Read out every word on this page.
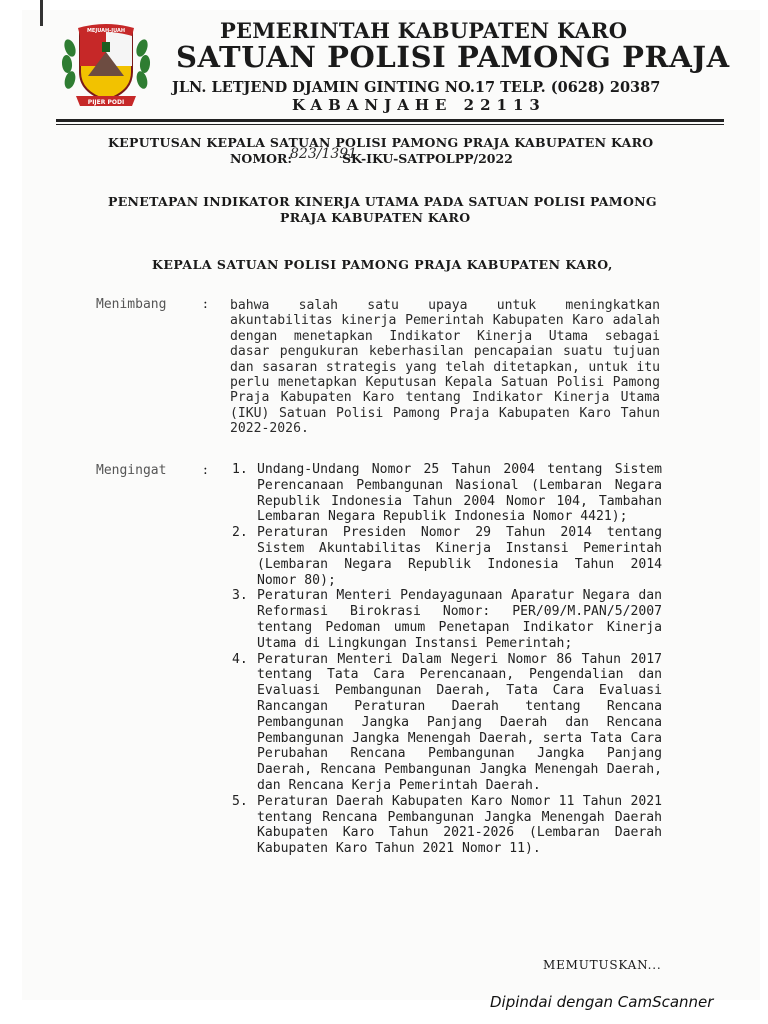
MEJUAH-JUAH
PIJER PODI
PEMERINTAH KABUPATEN KARO
SATUAN POLISI PAMONG PRAJA
JLN. LETJEND DJAMIN GINTING NO.17 TELP. (0628) 20387
KABANJAHE 22113
KEPUTUSAN KEPALA SATUAN POLISI PAMONG PRAJA KABUPATEN KARO
NOMOR:
823/1391
SK-IKU-SATPOLPP/2022
PENETAPAN INDIKATOR KINERJA UTAMA PADA SATUAN POLISI PAMONG
PRAJA KABUPATEN KARO
KEPALA SATUAN POLISI PAMONG PRAJA KABUPATEN KARO,
Menimbang	: bahwa salah satu upaya untuk meningkatkan akuntabilitas kinerja Pemerintah Kabupaten Karo adalah dengan menetapkan Indikator Kinerja Utama sebagai dasar pengukuran keberhasilan pencapaian suatu tujuan dan sasaran strategis yang telah ditetapkan, untuk itu perlu menetapkan Keputusan Kepala Satuan Polisi Pamong Praja Kabupaten Karo tentang Indikator Kinerja Utama (IKU) Satuan Polisi Pamong Praja Kabupaten Karo Tahun 2022-2026.

Mengingat	: 1. Undang-Undang Nomor 25 Tahun 2004 tentang Sistem Perencanaan Pembangunan Nasional (Lembaran Negara Republik Indonesia Tahun 2004 Nomor 104, Tambahan Lembaran Negara Republik Indonesia Nomor 4421);
2. Peraturan Presiden Nomor 29 Tahun 2014 tentang Sistem Akuntabilitas Kinerja Instansi Pemerintah (Lembaran Negara Republik Indonesia Tahun 2014 Nomor 80);
3. Peraturan Menteri Pendayagunaan Aparatur Negara dan Reformasi Birokrasi Nomor: PER/09/M.PAN/5/2007 tentang Pedoman umum Penetapan Indikator Kinerja Utama di Lingkungan Instansi Pemerintah;
4. Peraturan Menteri Dalam Negeri Nomor 86 Tahun 2017 tentang Tata Cara Perencanaan, Pengendalian dan Evaluasi Pembangunan Daerah, Tata Cara Evaluasi Rancangan Peraturan Daerah tentang Rencana Pembangunan Jangka Panjang Daerah dan Rencana Pembangunan Jangka Menengah Daerah, serta Tata Cara Perubahan Rencana Pembangunan Jangka Panjang Daerah, Rencana Pembangunan Jangka Menengah Daerah, dan Rencana Kerja Pemerintah Daerah.
5. Peraturan Daerah Kabupaten Karo Nomor 11 Tahun 2021 tentang Rencana Pembangunan Jangka Menengah Daerah Kabupaten Karo Tahun 2021-2026 (Lembaran Daerah Kabupaten Karo Tahun 2021 Nomor 11).
MEMUTUSKAN...
Dipindai dengan CamScanner
